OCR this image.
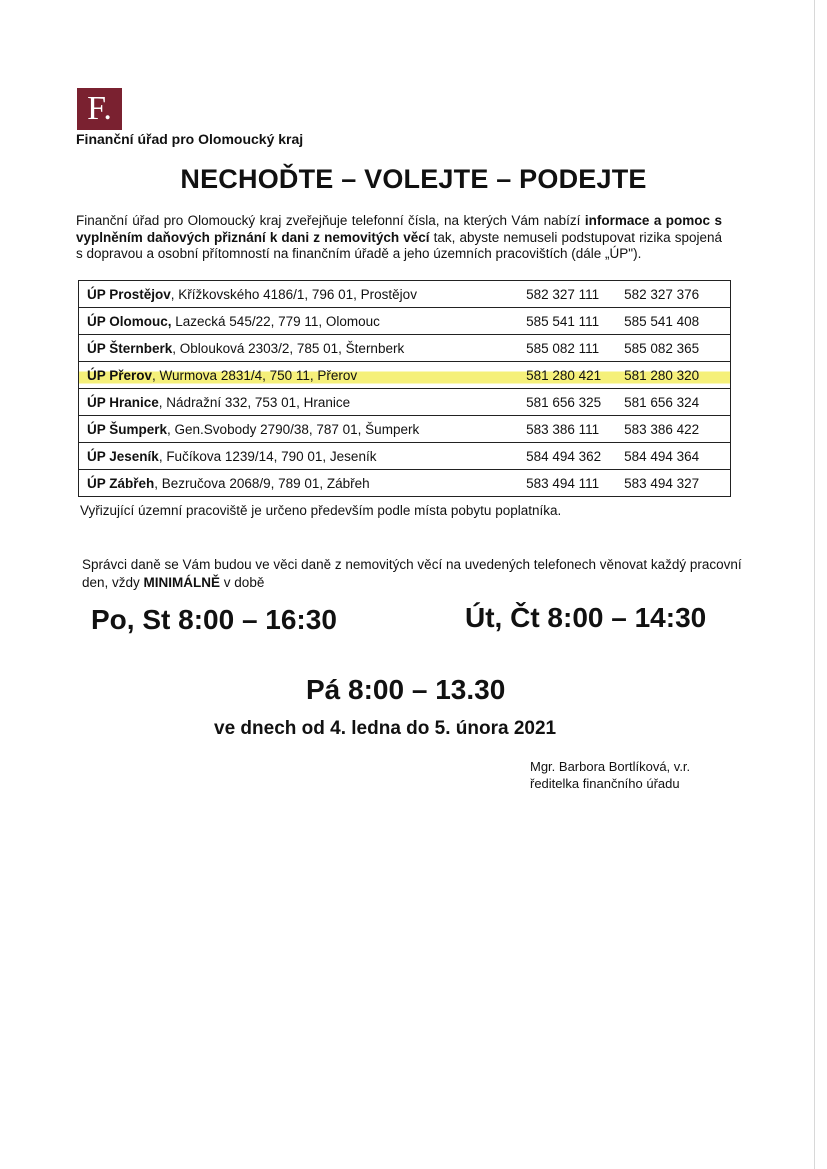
F.
Finanční úřad pro Olomoucký kraj
NECHOĎTE – VOLEJTE – PODEJTE
Finanční úřad pro Olomoucký kraj zveřejňuje telefonní čísla, na kterých Vám nabízí informace a pomoc s vyplněním daňových přiznání k dani z nemovitých věcí tak, abyste nemuseli podstupovat rizika spojená s dopravou a osobní přítomností na finančním úřadě a jeho územních pracovištích (dále „ÚP").
ÚP Prostějov, Křížkovského 4186/1, 796 01, Prostějov	582 327 111	582 327 376
ÚP Olomouc, Lazecká 545/22, 779 11, Olomouc	585 541 111	585 541 408
ÚP Šternberk, Oblouková 2303/2, 785 01, Šternberk	585 082 111	585 082 365
ÚP Přerov, Wurmova 2831/4, 750 11, Přerov	581 280 421	581 280 320
ÚP Hranice, Nádražní 332, 753 01, Hranice	581 656 325	581 656 324
ÚP Šumperk, Gen.Svobody 2790/38, 787 01, Šumperk	583 386 111	583 386 422
ÚP Jeseník, Fučíkova 1239/14, 790 01, Jeseník	584 494 362	584 494 364
ÚP Zábřeh, Bezručova 2068/9, 789 01, Zábřeh	583 494 111	583 494 327
Vyřizující územní pracoviště je určeno především podle místa pobytu poplatníka.
Správci daně se Vám budou ve věci daně z nemovitých věcí na uvedených telefonech věnovat každý pracovní den, vždy MINIMÁLNĚ v době
Po, St 8:00 – 16:30	Út, Čt 8:00 – 14:30
Pá 8:00 – 13.30
ve dnech od 4. ledna do 5. února 2021
Mgr. Barbora Bortlíková, v.r.
ředitelka finančního úřadu
